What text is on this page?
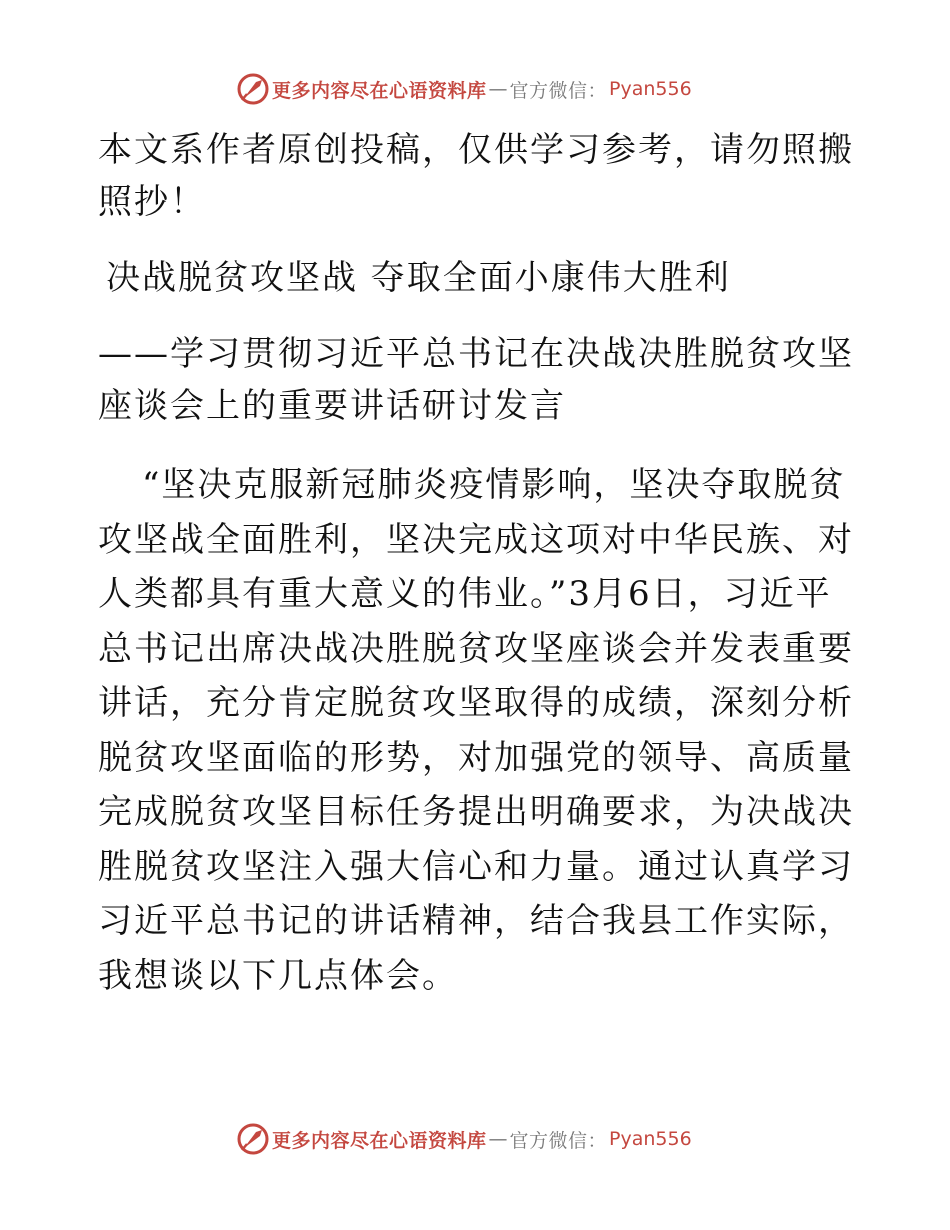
更多内容尽在心语资料库 — 官方微信： Pyan556
本文系作者原创投稿，仅供学习参考，请勿照搬照抄！
决战脱贫攻坚战 夺取全面小康伟大胜利
——学习贯彻习近平总书记在决战决胜脱贫攻坚座谈会上的重要讲话研讨发言
“坚决克服新冠肺炎疫情影响，坚决夺取脱贫攻坚战全面胜利，坚决完成这项对中华民族、对人类都具有重大意义的伟业。”3月6日，习近平总书记出席决战决胜脱贫攻坚座谈会并发表重要讲话，充分肯定脱贫攻坚取得的成绩，深刻分析脱贫攻坚面临的形势，对加强党的领导、高质量完成脱贫攻坚目标任务提出明确要求，为决战决胜脱贫攻坚注入强大信心和力量。通过认真学习习近平总书记的讲话精神，结合我县工作实际，我想谈以下几点体会。
更多内容尽在心语资料库 — 官方微信： Pyan556
